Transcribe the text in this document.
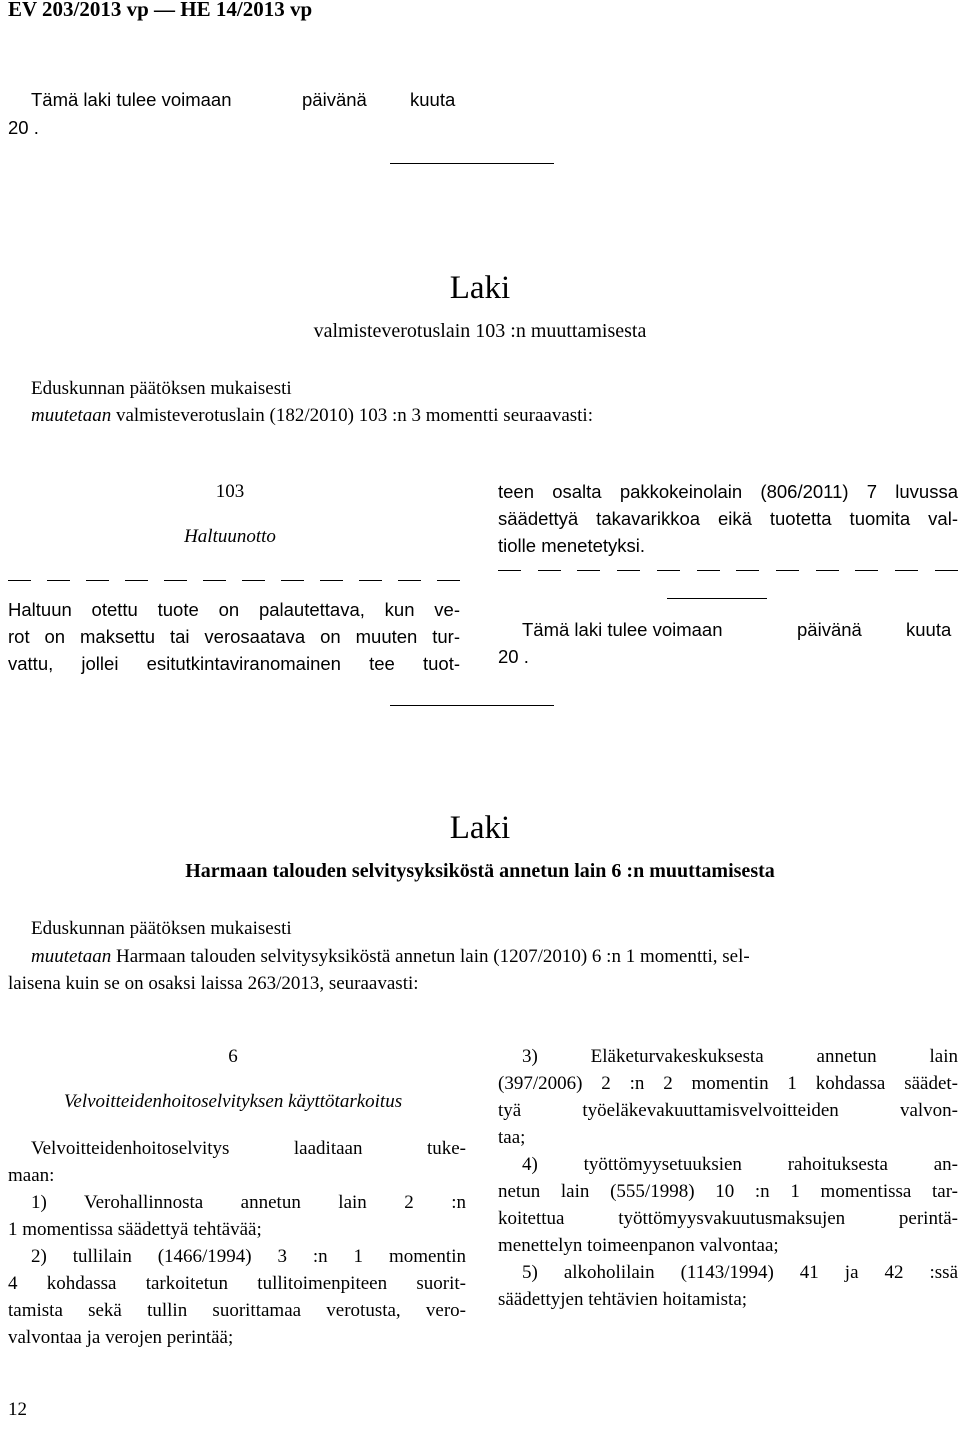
EV 203/2013 vp — HE 14/2013 vp
Tämä laki tulee voimaan	päivänä kuuta
20 .
Laki
valmisteverotuslain 103 :n muuttamisesta
Eduskunnan päätöksen mukaisesti
muutetaan valmisteverotuslain (182/2010) 103 :n 3 momentti seuraavasti:
103
Haltuunotto
Haltuun otettu tuote on palautettava, kun ve-
rot on maksettu tai verosaatava on muuten tur-
vattu, jollei esitutkintaviranomainen tee tuot-
teen osalta pakkokeinolain (806/2011) 7 luvussa
säädettyä takavarikkoa eikä tuotetta tuomita val-
tiolle menetetyksi.
Tämä laki tulee voimaan	päivänä kuuta
20 .
Laki
Harmaan talouden selvitysyksiköstä annetun lain 6 :n muuttamisesta
Eduskunnan päätöksen mukaisesti
muutetaan Harmaan talouden selvitysyksiköstä annetun lain (1207/2010) 6 :n 1 momentti, sel-
laisena kuin se on osaksi laissa 263/2013, seuraavasti:
6
Velvoitteidenhoitoselvityksen käyttötarkoitus
Velvoitteidenhoitoselvitys laaditaan tuke-
maan:
1) Verohallinnosta annetun lain 2 :n
1 momentissa säädettyä tehtävää;
2) tullilain (1466/1994) 3 :n 1 momentin
4 kohdassa tarkoitetun tullitoimenpiteen suorit-
tamista sekä tullin suorittamaa verotusta, vero-
valvontaa ja verojen perintää;
3) Eläketurvakeskuksesta annetun lain
(397/2006) 2 :n 2 momentin 1 kohdassa säädet-
tyä työeläkevakuuttamisvelvoitteiden valvon-
taa;
4) työttömyysetuuksien rahoituksesta an-
netun lain (555/1998) 10 :n 1 momentissa tar-
koitettua työttömyysvakuutusmaksujen perintä-
menettelyn toimeenpanon valvontaa;
5) alkoholilain (1143/1994) 41 ja 42 :ssä
säädettyjen tehtävien hoitamista;
12
